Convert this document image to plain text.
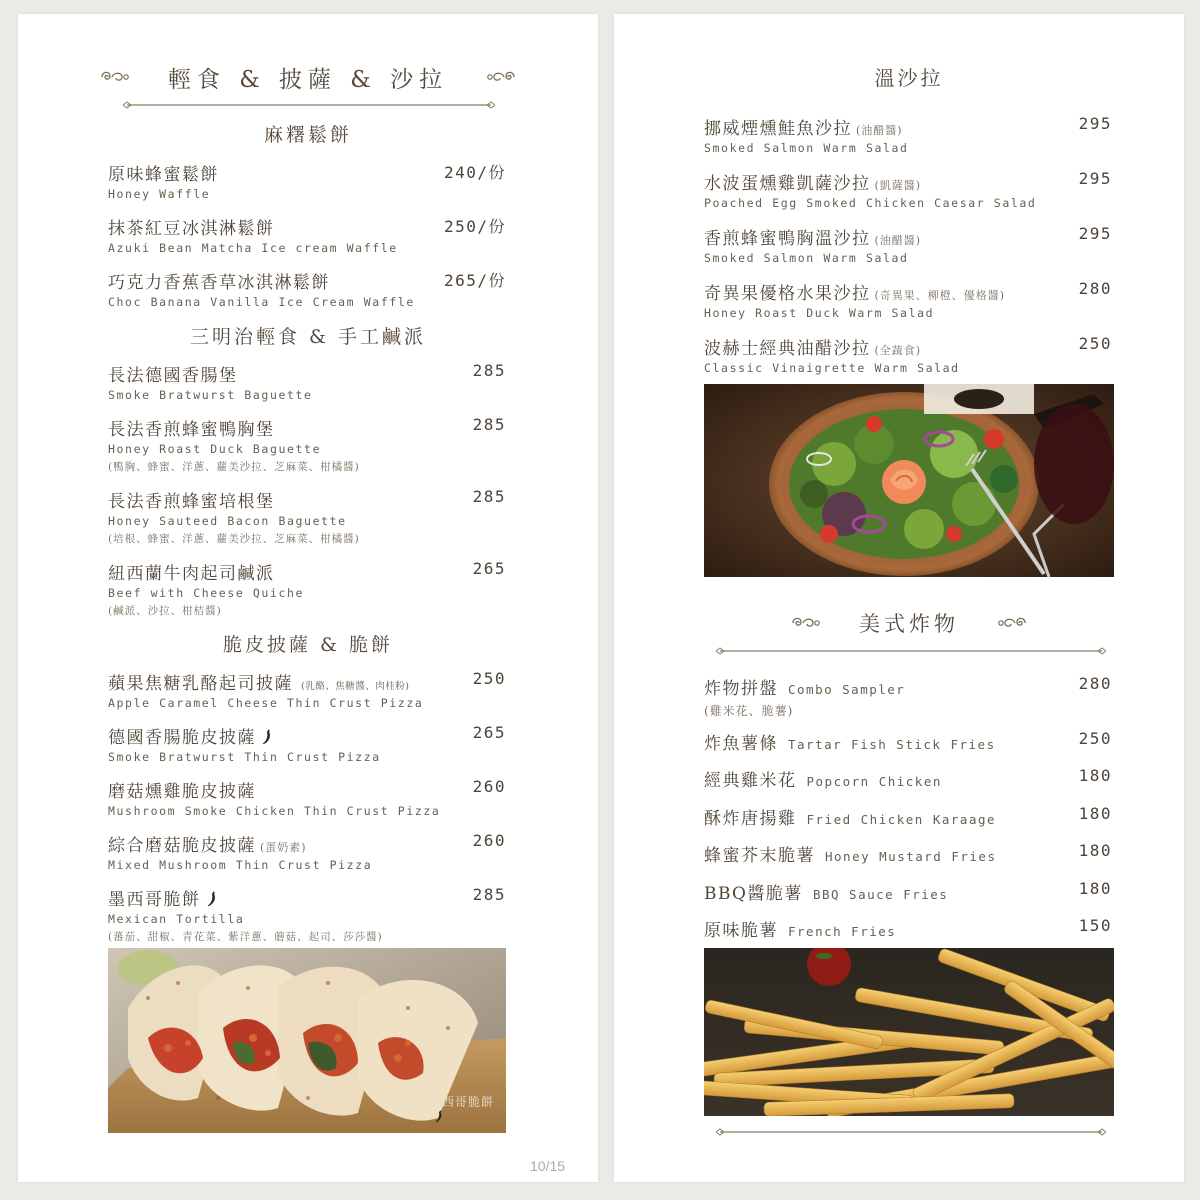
輕食 & 披薩 & 沙拉
麻糬鬆餅
原味蜂蜜鬆餅
Honey Waffle
240/份
抹茶紅豆冰淇淋鬆餅
Azuki Bean Matcha Ice cream Waffle
250/份
巧克力香蕉香草冰淇淋鬆餅
Choc Banana Vanilla Ice Cream Waffle
265/份
三明治輕食 & 手工鹹派
長法德國香腸堡
Smoke Bratwurst Baguette
285
長法香煎蜂蜜鴨胸堡
Honey Roast Duck Baguette
(鴨胸、蜂蜜、洋蔥、蘿美沙拉、芝麻菜、柑橘醬)
285
長法香煎蜂蜜培根堡
Honey Sauteed Bacon Baguette
(培根、蜂蜜、洋蔥、蘿美沙拉、芝麻菜、柑橘醬)
285
紐西蘭牛肉起司鹹派
Beef with Cheese Quiche
(鹹派、沙拉、柑桔醬)
265
脆皮披薩 & 脆餅
蘋果焦糖乳酪起司披薩 (乳酪、焦糖醬、肉桂粉)
Apple Caramel Cheese Thin Crust Pizza
250
德國香腸脆皮披薩
Smoke Bratwurst Thin Crust Pizza
265
磨菇燻雞脆皮披薩
Mushroom Smoke Chicken Thin Crust Pizza
260
綜合磨菇脆皮披薩 (蛋奶素)
Mixed Mushroom Thin Crust Pizza
260
墨西哥脆餅
Mexican Tortilla
(蕃茄、甜椒、青花菜、紫洋蔥、蘑菇、起司、莎莎醬)
285
墨西哥脆餅
溫沙拉
挪威煙燻鮭魚沙拉 (油醋醬)
Smoked Salmon Warm Salad
295
水波蛋燻雞凱薩沙拉 (凱薩醬)
Poached Egg Smoked Chicken Caesar Salad
295
香煎蜂蜜鴨胸溫沙拉 (油醋醬)
Smoked Salmon Warm Salad
295
奇異果優格水果沙拉 (奇異果、柳橙、優格醬)
Honey Roast Duck Warm Salad
280
波赫士經典油醋沙拉 (全蔬食)
Classic Vinaigrette Warm Salad
250
美式炸物
炸物拼盤 Combo Sampler
(雞米花、脆薯)
280
炸魚薯條 Tartar Fish Stick Fries	250
經典雞米花 Popcorn Chicken	180
酥炸唐揚雞 Fried Chicken Karaage	180
蜂蜜芥末脆薯 Honey Mustard Fries	180
BBQ醬脆薯 BBQ Sauce Fries	180
原味脆薯 French Fries	150
10/15
